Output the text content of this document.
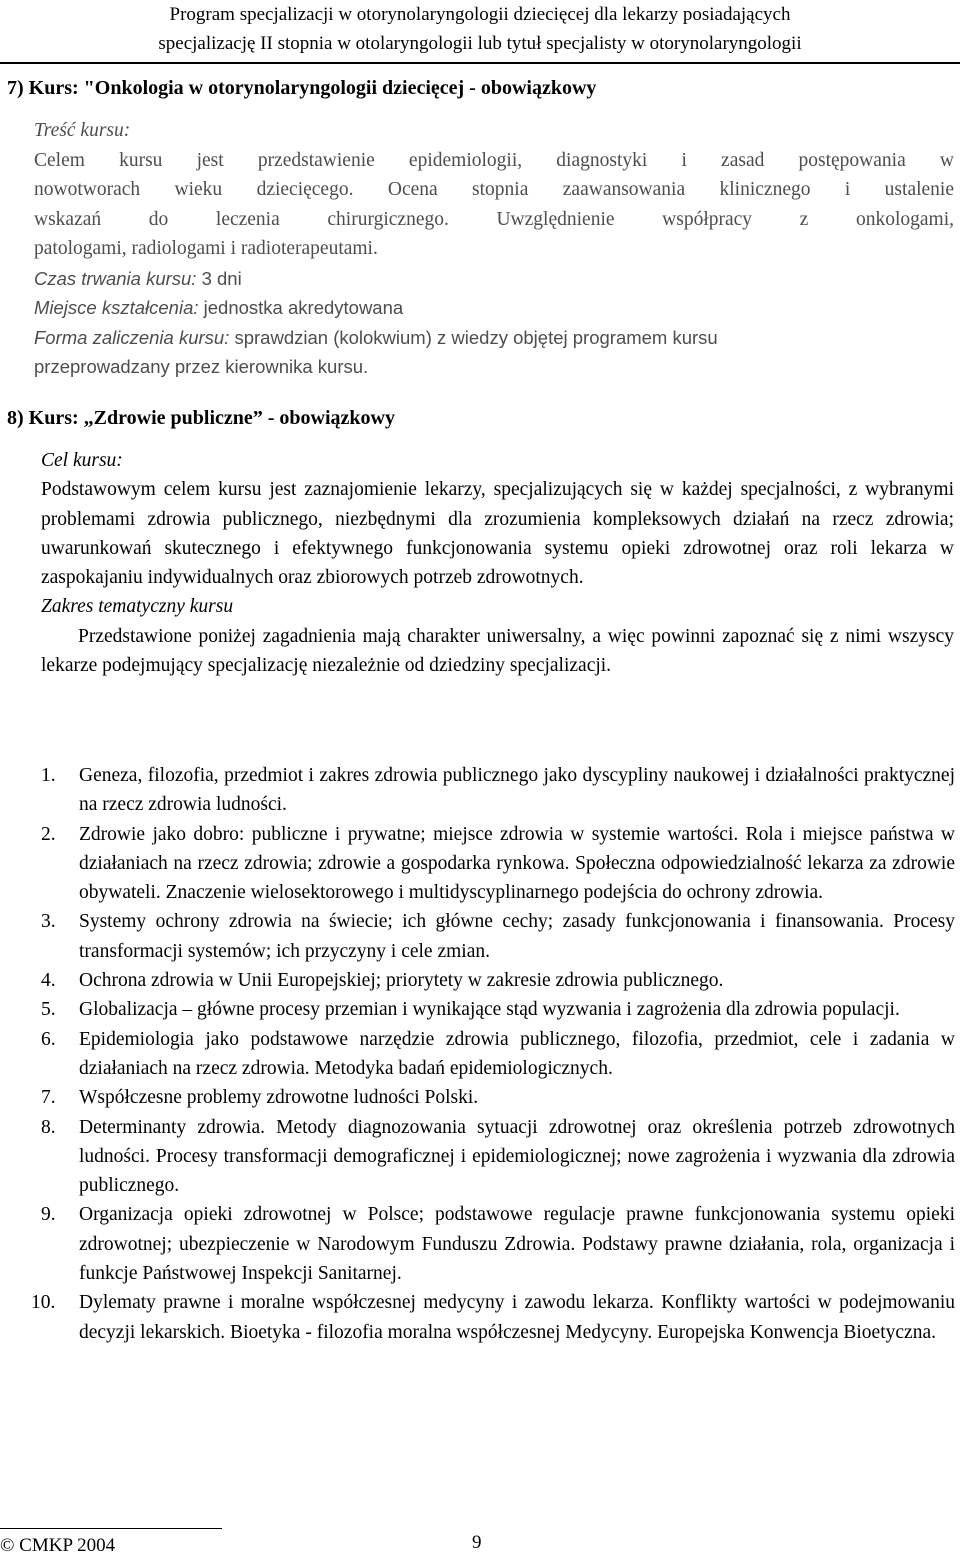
Program specjalizacji w otorynolaryngologii dziecięcej dla lekarzy posiadających
specjalizację II stopnia w otolaryngologii lub tytuł specjalisty w otorynolaryngologii
7) Kurs: "Onkologia w otorynolaryngologii dziecięcej - obowiązkowy
Treść kursu:
Celem kursu jest przedstawienie epidemiologii, diagnostyki i zasad postępowania w
nowotworach wieku dziecięcego. Ocena stopnia zaawansowania klinicznego i ustalenie
wskazań do leczenia chirurgicznego. Uwzględnienie współpracy z onkologami,
patologami, radiologami i radioterapeutami.
Czas trwania kursu: 3 dni
Miejsce kształcenia: jednostka akredytowana
Forma zaliczenia kursu: sprawdzian (kolokwium) z wiedzy objętej programem kursu
przeprowadzany przez kierownika kursu.
8) Kurs: „Zdrowie publiczne” - obowiązkowy
Cel kursu:

Podstawowym celem kursu jest zaznajomienie lekarzy, specjalizujących się w każdej specjalności, z wybranymi problemami zdrowia publicznego, niezbędnymi dla zrozumienia kompleksowych działań na rzecz zdrowia; uwarunkowań skutecznego i efektywnego funkcjonowania systemu opieki zdrowotnej oraz roli lekarza w zaspokajaniu indywidualnych oraz zbiorowych potrzeb zdrowotnych.

Zakres tematyczny kursu

Przedstawione poniżej zagadnienia mają charakter uniwersalny, a więc powinni zapoznać się z nimi wszyscy lekarze podejmujący specjalizację niezależnie od dziedziny specjalizacji.

1. Geneza, filozofia, przedmiot i zakres zdrowia publicznego jako dyscypliny naukowej i działalności praktycznej na rzecz zdrowia ludności.
2. Zdrowie jako dobro: publiczne i prywatne; miejsce zdrowia w systemie wartości. Rola i miejsce państwa w działaniach na rzecz zdrowia; zdrowie a gospodarka rynkowa. Społeczna odpowiedzialność lekarza za zdrowie obywateli. Znaczenie wielosektorowego i multidyscyplinarnego podejścia do ochrony zdrowia.
3. Systemy ochrony zdrowia na świecie; ich główne cechy; zasady funkcjonowania i finansowania. Procesy transformacji systemów; ich przyczyny i cele zmian.
4. Ochrona zdrowia w Unii Europejskiej; priorytety w zakresie zdrowia publicznego.
5. Globalizacja – główne procesy przemian i wynikające stąd wyzwania i zagrożenia dla zdrowia populacji.
6. Epidemiologia jako podstawowe narzędzie zdrowia publicznego, filozofia, przedmiot, cele i zadania w działaniach na rzecz zdrowia. Metodyka badań epidemiologicznych.
7. Współczesne problemy zdrowotne ludności Polski.
8. Determinanty zdrowia. Metody diagnozowania sytuacji zdrowotnej oraz określenia potrzeb zdrowotnych ludności. Procesy transformacji demograficznej i epidemiologicznej; nowe zagrożenia i wyzwania dla zdrowia publicznego.
9. Organizacja opieki zdrowotnej w Polsce; podstawowe regulacje prawne funkcjonowania systemu opieki zdrowotnej; ubezpieczenie w Narodowym Funduszu Zdrowia. Podstawy prawne działania, rola, organizacja i funkcje Państwowej Inspekcji Sanitarnej.
10. Dylematy prawne i moralne współczesnej medycyny i zawodu lekarza. Konflikty wartości w podejmowaniu decyzji lekarskich. Bioetyka - filozofia moralna współczesnej Medycyny. Europejska Konwencja Bioetyczna.
© CMKP 2004	9
